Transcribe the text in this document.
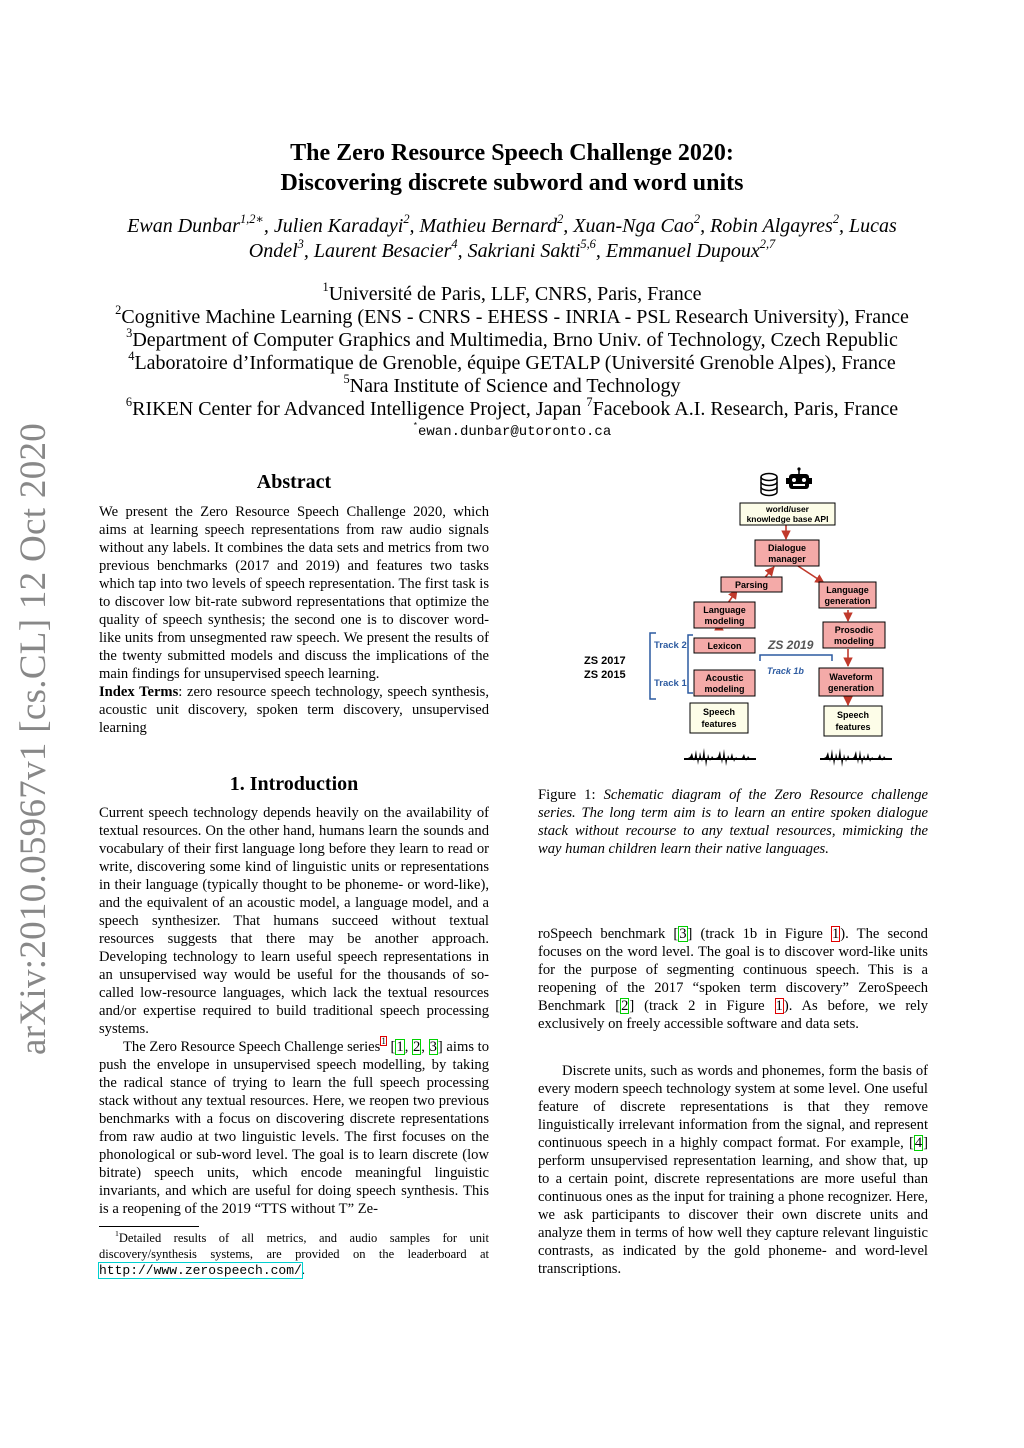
arXiv:2010.05967v1 [cs.CL] 12 Oct 2020
The Zero Resource Speech Challenge 2020:
Discovering discrete subword and word units
Ewan Dunbar$^{1,2∗}$, Julien Karadayi$^2$, Mathieu Bernard$^2$, Xuan-Nga Cao$^2$, Robin Algayres$^2$, Lucas Ondel$^3$, Laurent Besacier$^4$, Sakriani Sakti$^{5,6}$, Emmanuel Dupoux$^{2,7}$
$^1$Université de Paris, LLF, CNRS, Paris, France
$^2$Cognitive Machine Learning (ENS - CNRS - EHESS - INRIA - PSL Research University), France
$^3$Department of Computer Graphics and Multimedia, Brno Univ. of Technology, Czech Republic
$^4$Laboratoire d’Informatique de Grenoble, équipe GETALP (Université Grenoble Alpes), France
$^5$Nara Institute of Science and Technology
$^6$RIKEN Center for Advanced Intelligence Project, Japan $^7$Facebook A.I. Research, Paris, France
*ewan.dunbar@utoronto.ca
Abstract

We present the Zero Resource Speech Challenge 2020, which aims at learning speech representations from raw audio signals without any labels. It combines the data sets and metrics from two previous benchmarks (2017 and 2019) and features two tasks which tap into two levels of speech representation. The first task is to discover low bit-rate subword representations that optimize the quality of speech synthesis; the second one is to discover word-like units from unsegmented raw speech. We present the results of the twenty submitted models and discuss the implications of the main findings for unsupervised speech learning.

Index Terms: zero resource speech technology, speech synthesis, acoustic unit discovery, spoken term discovery, unsupervised learning

1. Introduction

Current speech technology depends heavily on the availability of textual resources. On the other hand, humans learn the sounds and vocabulary of their first language long before they learn to read or write, discovering some kind of linguistic units or representations in their language (typically thought to be phoneme- or word-like), and the equivalent of an acoustic model, a language model, and a speech synthesizer. That humans succeed without textual resources suggests that there may be another approach. Developing technology to learn useful speech representations in an unsupervised way would be useful for the thousands of so-called low-resource languages, which lack the textual resources and/or expertise required to build traditional speech processing systems.

The Zero Resource Speech Challenge series$^1$ [1, 2, 3] aims to push the envelope in unsupervised speech modelling, by taking the radical stance of trying to learn the full speech processing stack without any textual resources. Here, we reopen two previous benchmarks with a focus on discovering discrete representations from raw audio at two linguistic levels. The first focuses on the phonological or sub-word level. The goal is to learn discrete (low bitrate) speech units, which encode meaningful linguistic invariants, and which are useful for doing speech synthesis. This is a reopening of the 2019 “TTS without T” Ze-

$^1$Detailed results of all metrics, and audio samples for unit discovery/synthesis systems, are provided on the leaderboard at http://www.zerospeech.com/.
world/user
knowledge base API
Dialogue
manager
Parsing
Language
modeling
Lexicon
Acoustic
modeling
Speech
features
Language
generation
Prosodic
modeling
Waveform
generation
Speech
features
Track 2
Track 1
Track 1b
ZS 2019
ZS 2017
ZS 2015
Figure 1: Schematic diagram of the Zero Resource challenge series. The long term aim is to learn an entire spoken dialogue stack without recourse to any textual resources, mimicking the way human children learn their native languages.

roSpeech benchmark [3] (track 1b in Figure 1). The second focuses on the word level. The goal is to discover word-like units for the purpose of segmenting continuous speech. This is a reopening of the 2017 “spoken term discovery” ZeroSpeech Benchmark [2] (track 2 in Figure 1). As before, we rely exclusively on freely accessible software and data sets.

Discrete units, such as words and phonemes, form the basis of every modern speech technology system at some level. One useful feature of discrete representations is that they remove linguistically irrelevant information from the signal, and represent continuous speech in a highly compact format. For example, [4] perform unsupervised representation learning, and show that, up to a certain point, discrete representations are more useful than continuous ones as the input for training a phone recognizer. Here, we ask participants to discover their own discrete units and analyze them in terms of how well they capture relevant linguistic contrasts, as indicated by the gold phoneme- and word-level transcriptions.
